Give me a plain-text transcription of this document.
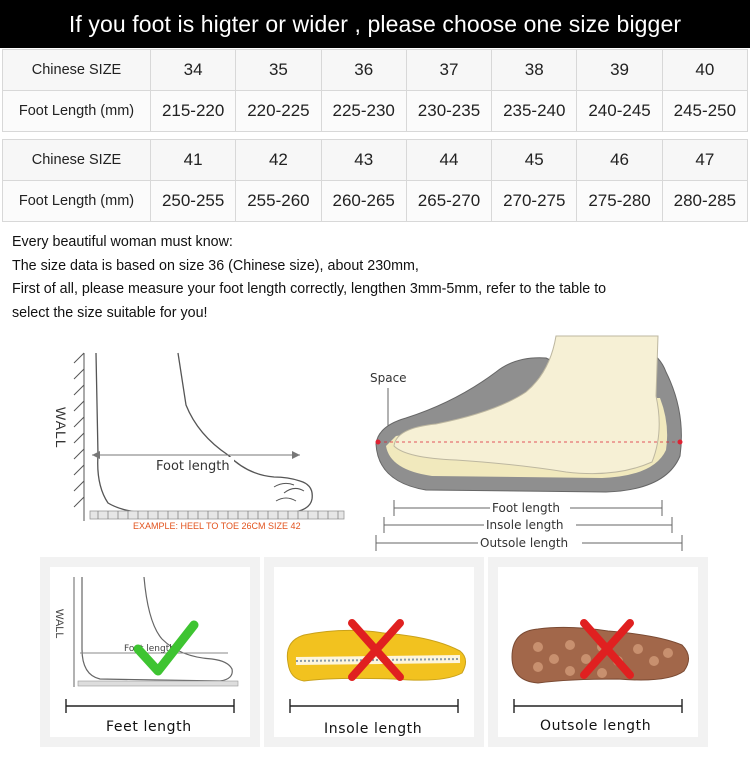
If you foot is higter or wider , please choose one size bigger
Chinese SIZE	34	35	36	37	38	39	40
Foot Length (mm)	215-220	220-225	225-230	230-235	235-240	240-245	245-250
Chinese SIZE	41	42	43	44	45	46	47
Foot Length (mm)	250-255	255-260	260-265	265-270	270-275	275-280	280-285
Every beautiful woman must know:
The size data is based on size 36 (Chinese size), about 230mm,
First of all, please measure your foot length correctly, lengthen 3mm-5mm, refer to the table to
select the size suitable for you!
WALL
Foot length
EXAMPLE: HEEL TO TOE 26CM SIZE 42
Space
Foot length
Insole length
Outsole length
WALL
Foot length
Feet length	Insole length	Outsole length
